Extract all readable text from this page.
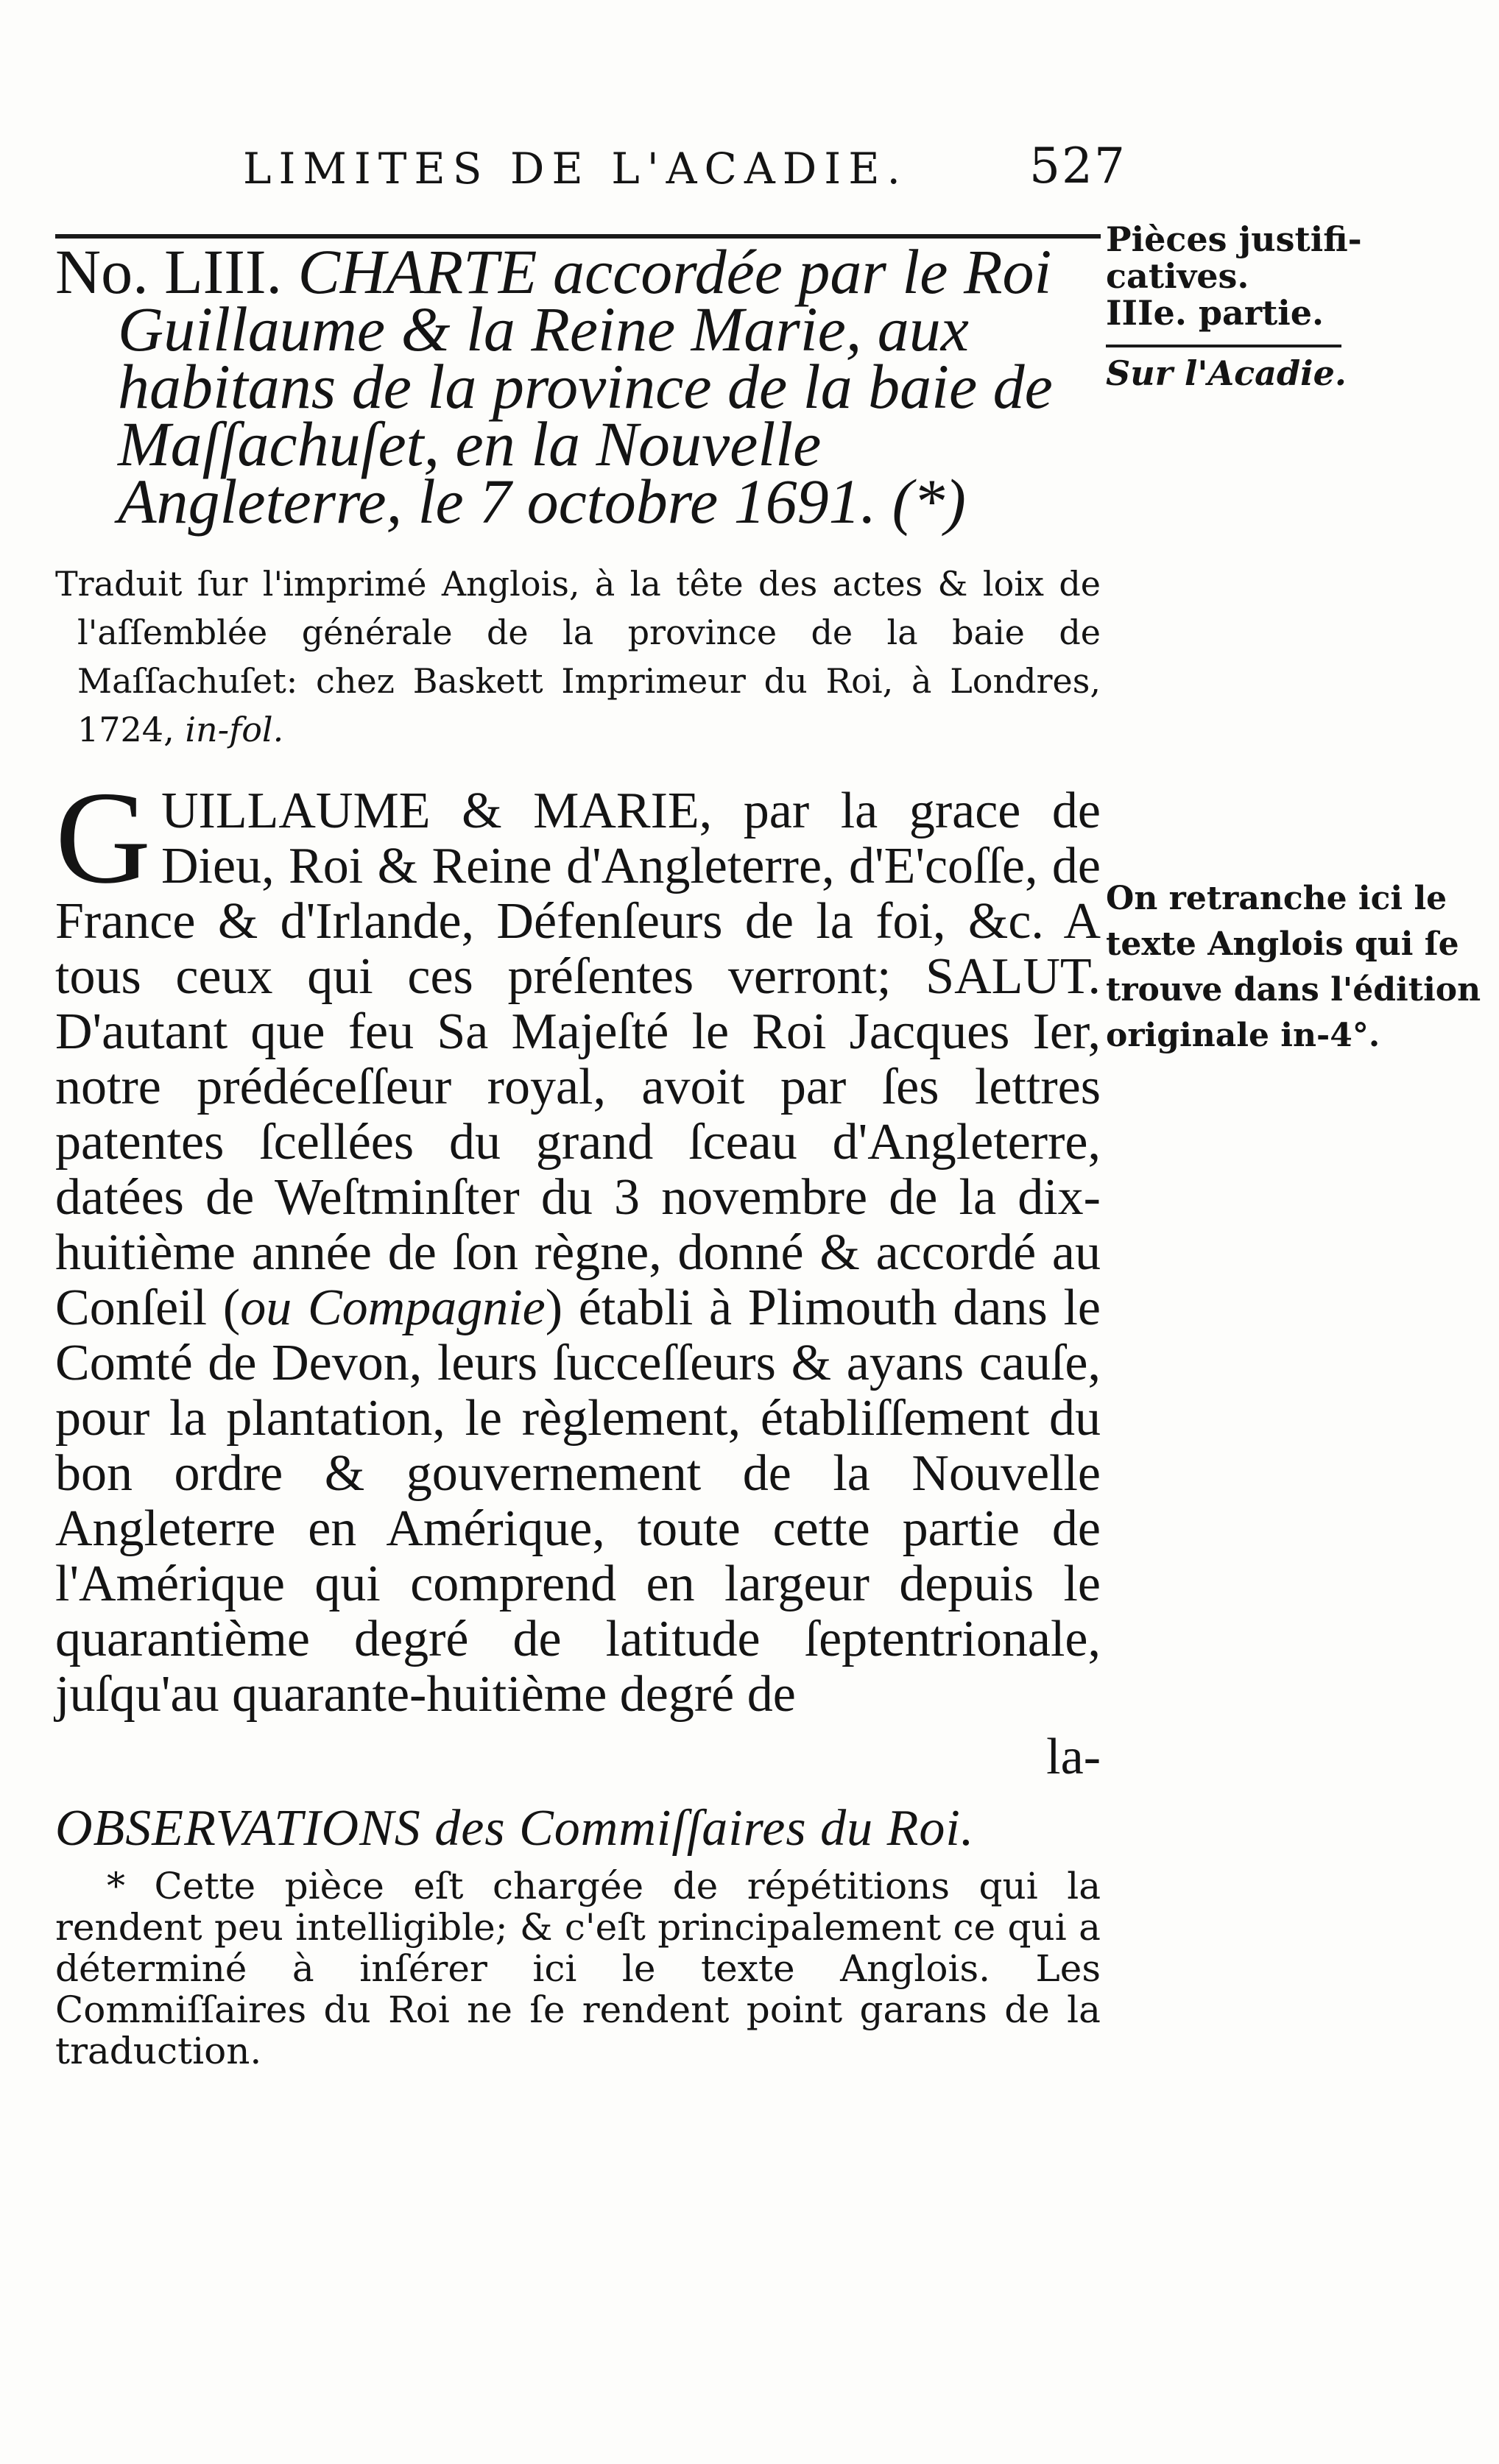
LIMITES DE L'ACADIE.	527
Pièces justifi-
catives.
IIIe. partie.
Sur l'Acadie.

No. LIII. CHARTE accordée par le Roi Guillaume & la Reine Marie, aux habitans de la province de la baie de Maſſachuſet, en la Nouvelle Angleterre, le 7 octobre 1691. (*)

Traduit ſur l'imprimé Anglois, à la tête des actes & loix de l'aſſemblée générale de la province de la baie de Maſſachuſet: chez Baskett Imprimeur du Roi, à Londres, 1724, in-fol.

GUILLAUME & MARIE, par la grace de Dieu, Roi & Reine d'Angleterre, d'E'coſſe, de France & d'Irlande, Défenſeurs de la foi, &c. A tous ceux qui ces préſentes verront; SALUT. D'autant que feu Sa Majeſté le Roi Jacques Ier, notre prédéceſſeur royal, avoit par ſes lettres patentes ſcellées du grand ſceau d'Angleterre, datées de Weſtminſter du 3 novembre de la dix-huitième année de ſon règne, donné & accordé au Conſeil (ou Compagnie) établi à Plimouth dans le Comté de Devon, leurs ſucceſſeurs & ayans cauſe, pour la plantation, le règlement, établiſſement du bon ordre & gouvernement de la Nouvelle Angleterre en Amérique, toute cette partie de l'Amérique qui comprend en largeur depuis le quarantième degré de latitude ſeptentrionale, juſqu'au quarante-huitième degré de

la-

OBSERVATIONS des Commiſſaires du Roi.

* Cette pièce eſt chargée de répétitions qui la rendent peu intelligible; & c'eſt principalement ce qui a déterminé à inſérer ici le texte Anglois. Les Commiſſaires du Roi ne ſe rendent point garans de la traduction.

On retranche ici le texte Anglois qui ſe trouve dans l'édition originale in-4°.
